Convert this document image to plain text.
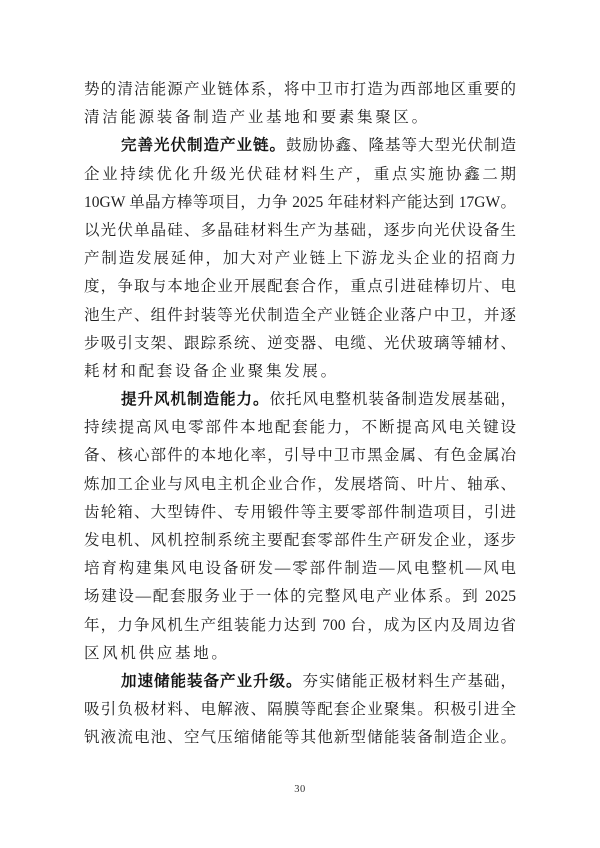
势的清洁能源产业链体系，将中卫市打造为西部地区重要的
清洁能源装备制造产业基地和要素集聚区。
完善光伏制造产业链。鼓励协鑫、隆基等大型光伏制造
企业持续优化升级光伏硅材料生产，重点实施协鑫二期
10GW 单晶方棒等项目，力争 2025 年硅材料产能达到 17GW。
以光伏单晶硅、多晶硅材料生产为基础，逐步向光伏设备生
产制造发展延伸，加大对产业链上下游龙头企业的招商力
度，争取与本地企业开展配套合作，重点引进硅棒切片、电
池生产、组件封装等光伏制造全产业链企业落户中卫，并逐
步吸引支架、跟踪系统、逆变器、电缆、光伏玻璃等辅材、
耗材和配套设备企业聚集发展。
提升风机制造能力。依托风电整机装备制造发展基础，
持续提高风电零部件本地配套能力，不断提高风电关键设
备、核心部件的本地化率，引导中卫市黑金属、有色金属冶
炼加工企业与风电主机企业合作，发展塔筒、叶片、轴承、
齿轮箱、大型铸件、专用锻件等主要零部件制造项目，引进
发电机、风机控制系统主要配套零部件生产研发企业，逐步
培育构建集风电设备研发—零部件制造—风电整机—风电
场建设—配套服务业于一体的完整风电产业体系。到 2025
年，力争风机生产组装能力达到 700 台，成为区内及周边省
区风机供应基地。
加速储能装备产业升级。夯实储能正极材料生产基础，
吸引负极材料、电解液、隔膜等配套企业聚集。积极引进全
钒液流电池、空气压缩储能等其他新型储能装备制造企业。
30
